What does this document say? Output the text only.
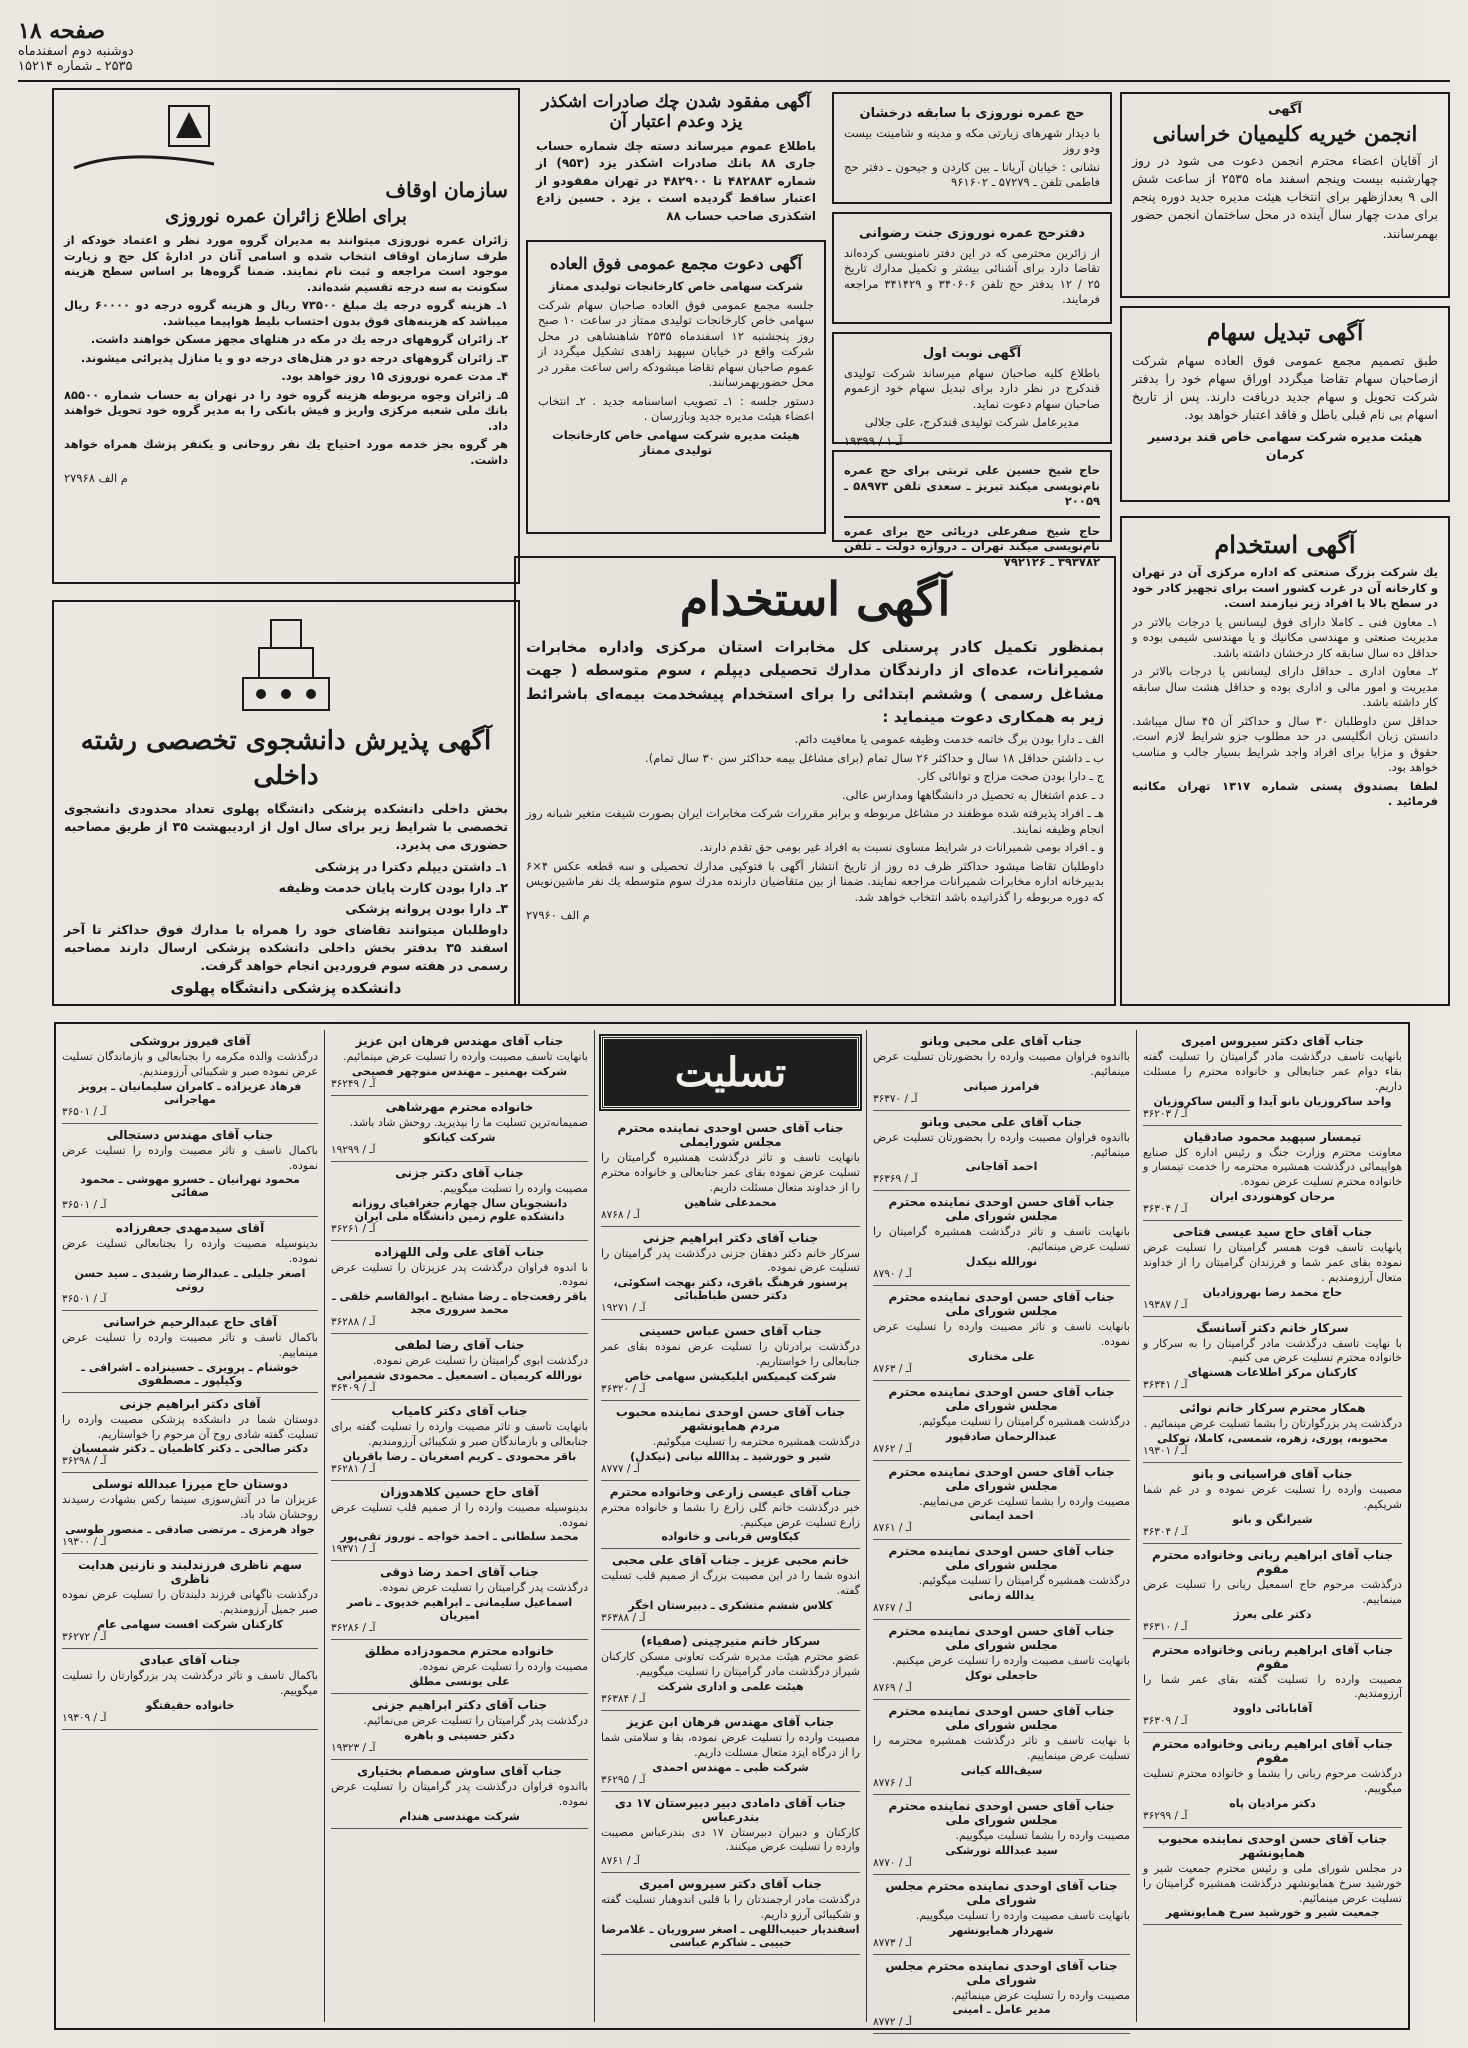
صفحه ۱۸
دوشنبه دوم اسفندماه
۲۵۳۵ ـ شماره ۱۵۲۱۴
آگهی
انجمن خیریه کلیمیان خراسانی

از آقایان اعضاء محترم انجمن دعوت می شود در روز چهارشنبه بیست وپنجم اسفند ماه ۲۵۳۵ از ساعت شش الی ۹ بعدازظهر برای انتخاب هیئت مدیره جدید دوره پنجم برای مدت چهار سال آینده در محل ساختمان انجمن حضور بهمرسانند.

آگهی تبدیل سهام

طبق تصمیم مجمع عمومی فوق العاده سهام شرکت ازصاحبان سهام تقاضا میگردد اوراق سهام خود را بدفتر شرکت تحویل و سهام جدید دریافت دارند. پس از تاریخ اسهام بی نام قبلی باطل و فاقد اعتبار خواهد بود.

هیئت مدیره شرکت سهامی خاص قند بردسیر کرمان

آگهی استخدام

یك شرکت بزرگ صنعتی که اداره مرکزی آن در تهران و کارخانه آن در غرب کشور است برای تجهیز کادر خود در سطح بالا با افراد زیر نیازمند است.

۱ـ معاون فنی ـ کاملا دارای فوق لیسانس یا درجات بالاتر در مدیریت صنعتی و مهندسی مکانیك و یا مهندسی شیمی بوده و حداقل ده سال سابقه کار درخشان داشته باشد.

۲ـ معاون اداری ـ حداقل دارای لیسانس یا درجات بالاتر در مدیریت و امور مالی و اداری بوده و حداقل هشت سال سابقه کار داشته باشد.

حداقل سن داوطلبان ۳۰ سال و حداکثر آن ۴۵ سال میباشد. دانستن زبان انگلیسی در حد مطلوب جزو شرایط لازم است. حقوق و مزایا برای افراد واجد شرایط بسیار جالب و مناسب خواهد بود.

لطفا بصندوق پستی شماره ۱۳۱۷ تهران مکاتبه فرمائید .

حج عمره نوروزی با سابقه درخشان

با دیدار شهرهای زیارتی مکه و مدینه و شامینت بیست ودو روز

نشانی : خیابان آریانا ـ بین کاردن و جیحون ـ دفتر حج فاطمی تلفن ـ ۵۷۲۷۹ ـ ۹۶۱۶۰۲

دفترحج عمره نوروزی جنت رضوانی

از زائرین محترمی که در این دفتر نامنویسی کرده‌اند تقاضا دارد برای آشنائی بیشتر و تکمیل مدارك تاریخ ۲۵ / ۱۲ بدفتر حج تلفن ۳۴۰۶۰۶ و ۳۴۱۴۲۹ مراجعه فرمایند.

آگهی نوبت اول

باطلاع کلیه صاحبان سهام میرساند شرکت تولیدی قندکرج در نظر دارد برای تبدیل سهام خود ازعموم صاحبان سهام دعوت نماید.

مدیرعامل شرکت تولیدی قندکرج، علی جلالی

۱۹۳۹۹ / آـ ۱

حاج شیخ حسین علی تربتی برای حج عمره نام‌نویسی میکند تبریز ـ سعدی تلفن ۵۸۹۷۳ ـ ۲۰۰۵۹

حاج شیخ صفرعلی دریائی حج برای عمره نام‌نویسی میکند تهران ـ دروازه دولت ـ تلفن ۳۹۳۷۸۲ ـ ۷۹۲۱۲۶

آگهی مفقود شدن چك صادرات اشکذر یزد وعدم اعتبار آن

باطلاع عموم میرساند دسته چك شماره حساب جاری ۸۸ بانك صادرات اشکذر یزد (۹۵۳) از شماره ۴۸۲۸۸۳ تا ۴۸۲۹۰۰ در تهران مفقودو از اعتبار ساقط گردیده است . یزد . حسین زادع اشکذری صاحب حساب ۸۸

آگهی دعوت مجمع عمومی فوق العاده

شرکت سهامی خاص کارخانجات تولیدی ممتاز

جلسه مجمع عمومی فوق العاده صاحبان سهام شرکت سهامی خاص کارخانجات تولیدی ممتاز در ساعت ۱۰ صبح روز پنجشنبه ۱۲ اسفندماه ۲۵۳۵ شاهنشاهی در محل شرکت واقع در خیابان سپهبد زاهدی تشکیل میگردد از عموم صاحبان سهام تقاضا میشودکه راس ساعت مقرر در محل حضوربهمرسانند.

دستور جلسه : ۱ـ تصویب اساسنامه جدید . ۲ـ انتخاب اعضاء هیئت مدیره جدید وبازرسان .

هیئت مدیره شرکت سهامی خاص کارخانجات تولیدی ممتاز

سازمان اوقاف
برای اطلاع زائران عمره نوروزی

زائران عمره نوروزی میتوانند به مدیران گروه مورد نظر و اعتماد خودکه از طرف سازمان اوقاف انتخاب شده و اسامی آنان در ادارهٔ کل حج و زیارت موجود است مراجعه و ثبت نام نمایند. ضمنا گروه‌ها بر اساس سطح هزینه سکونت به سه درجه تقسیم شده‌اند.

۱ـ هزینه گروه درجه یك مبلغ ۷۳۵۰۰ ریال و هزینه گروه درجه دو ۶۰۰۰۰ ریال میباشد که هزینه‌های فوق بدون احتساب بلیط هواپیما میباشد.

۲ـ زائران گروههای درجه یك در مکه در هتلهای مجهز مسکن خواهند داشت.

۳ـ زائران گروههای درجه دو در هتل‌های درجه دو و یا منازل پذیرائی میشوند.

۴ـ مدت عمره نوروزی ۱۵ روز خواهد بود.

۵ـ زائران وجوه مربوطه هزینه گروه خود را در تهران به حساب شماره ۸۵۵۰۰ بانك ملی شعبه مرکزی واریز و فیش بانکی را به مدیر گروه خود تحویل خواهند داد.

هر گروه بجز خدمه مورد احتیاج یك نفر روحانی و یکنفر پزشك همراه خواهد داشت.

م الف ۲۷۹۶۸

آگهی پذیرش دانشجوی تخصصی رشته داخلی

بخش داخلی دانشکده پزشکی دانشگاه پهلوی تعداد محدودی دانشجوی تخصصی با شرایط زیر برای سال اول از اردیبهشت ۳۵ از طریق مصاحبه حضوری می پذیرد.

۱ـ داشتن دیپلم دکترا در پزشکی

۲ـ دارا بودن کارت پایان خدمت وظیفه

۳ـ دارا بودن پروانه پزشکی

داوطلبان میتوانند تقاضای خود را همراه با مدارك فوق حداکثر تا آخر اسفند ۳۵ بدفتر بخش داخلی دانشکده پزشکی ارسال دارند مصاحبه رسمی در هفته سوم فروردین انجام خواهد گرفت.

دانشکده پزشکی دانشگاه پهلوی

آگهی استخدام
بمنظور تکمیل کادر پرسنلی کل مخابرات استان مرکزی واداره مخابرات شمیرانات، عده‌ای از دارندگان مدارك تحصیلی دیپلم ، سوم متوسطه ( جهت مشاغل رسمی ) وششم ابتدائی را برای استخدام پیشخدمت بیمه‌ای باشرائط زیر به همکاری دعوت مینماید :

الف ـ دارا بودن برگ خاتمه خدمت وظیفه عمومی یا معافیت دائم.

ب ـ داشتن حداقل ۱۸ سال و حداکثر ۲۶ سال تمام (برای مشاغل بیمه حداکثر سن ۳۰ سال تمام).

ج ـ دارا بودن صحت مزاج و توانائی کار.

د ـ عدم اشتغال به تحصیل در دانشگاهها ومدارس عالی.

هـ ـ افراد پذیرفته شده موظفند در مشاغل مربوطه و برابر مقررات شرکت مخابرات ایران بصورت شیفت متغیر شبانه روز انجام وظیفه نمایند.

و ـ افراد بومی شمیرانات در شرایط مساوی نسبت به افراد غیر بومی حق تقدم دارند.

داوطلبان تقاضا میشود حداکثر ظرف ده روز از تاریخ انتشار آگهی با فتوکپی مدارك تحصیلی و سه قطعه عکس ۴×۶ بدبیرخانه اداره مخابرات شمیرانات مراجعه نمایند. ضمنا از بین متقاضیان دارنده مدرك سوم متوسطه یك نفر ماشین‌نویس که دوره مربوطه را گذرانیده باشد انتخاب خواهد شد.

م الف ۲۷۹۶۰

جناب آقای دکتر سیروس امیری
بانهایت تاسف درگذشت مادر گرامیتان را تسلیت گفته بقاء دوام عمر جنابعالی و خانواده محترم را مسئلت داریم.
واحد ساکروزیان بانو آیدا و آلیس ساکروزیان
۳۶۲۰۳ / آـ
تیمسار سپهبد محمود صادقیان
معاونت محترم وزارت جنگ و رئیس اداره کل صنایع هواپیمائی درگذشت همشیره محترمه را خدمت تیمسار و خانواده محترم تسلیت عرض نموده.
مرجان کوهنوردی ایران
۳۶۳۰۴ / آـ
جناب آقای حاج سید عیسی فتاحی
پانهایت تاسف فوت همسر گرامیتان را تسلیت عرض نموده بقای عمر شما و فرزندان گرامیتان را از خداوند متعال آرزومندیم .
حاج محمد رضا بهروزادیان
۱۹۳۸۷ / آـ
سرکار خانم دکتر آسانسگ
با نهایت تاسف درگذشت مادر گرامیتان را به سرکار و خانواده محترم تسلیت عرض می کنیم.
کارکنان مرکز اطلاعات هستهای
۳۶۳۴۱ / آـ
همکار محترم سرکار خانم نوائی
درگذشت پدر بزرگوارتان را بشما تسلیت عرض مینمائیم .
محبوبه، پوری، زهره، شمسی، کاملا، توکلی
۱۹۳۰۱ / آـ
جناب آقای فراسیانی و بانو
مصیبت وارده را تسلیت عرض نموده و در غم شما شریکیم.
شیرانگن و بانو
۳۶۳۰۴ / آـ
جناب آقای ابراهیم ربانی وخانواده محترم مقوم
درگذشت مرحوم حاج اسمعیل ربانی را تسلیت عرض مینماییم.
دکتر علی بعرژ
۳۶۳۱۰ / آـ
جناب آقای ابراهیم ربانی وخانواده محترم مقوم
مصیبت وارده را تسلیت گفته بقای عمر شما را آرزومندیم.
آقابابائی داوود
۳۶۳۰۹ / آـ
جناب آقای ابراهیم ربانی وخانواده محترم مقوم
درگذشت مرحوم ربانی را بشما و خانواده محترم تسلیت میگوییم.
دکتر مرادیان پاه
۳۶۲۹۹ / آـ
جناب آقای حسن اوحدی نماینده محبوب همایونشهر
در مجلس شورای ملی و رئیس محترم جمعیت شیر و خورشید سرخ همایونشهر درگذشت همشیره گرامیتان را تسلیت عرض مینمائیم.
جمعیت شیر و خورشید سرخ همایونشهر
جناب آقای علی محبی وبانو
بااندوه فراوان مصیبت وارده را بحضورتان تسلیت عرض مینمائیم.
فرامرز صیانی
۳۶۳۷۰ / آـ
جناب آقای علی محبی وبانو
بااندوه فراوان مصیبت وارده را بحضورتان تسلیت عرض مینمائیم.
احمد آقاجانی
۳۶۳۶۹ / آـ
جناب آقای حسن اوحدی نماینده محترم مجلس شورای ملی
بانهایت تاسف و تاثر درگذشت همشیره گرامیتان را تسلیت عرض مینمائیم.
نورالله نیکدل
۸۷۹۰ / آـ
جناب آقای حسن اوحدی نماینده محترم مجلس شورای ملی
بانهایت تاسف و تاثر مصیبت وارده را تسلیت عرض نموده.
علی مختاری
۸۷۶۳ / آـ
جناب آقای حسن اوحدی نماینده محترم مجلس شورای ملی
درگذشت همشیره گرامیتان را تسلیت میگوئیم.
عبدالرحمان صادقپور
۸۷۶۲ / آـ
جناب آقای حسن اوحدی نماینده محترم مجلس شورای ملی
مصیبت وارده را بشما تسلیت عرض می‌نماییم.
احمد ایمانی
۸۷۶۱ / آـ
جناب آقای حسن اوحدی نماینده محترم مجلس شورای ملی
درگذشت همشیره گرامیتان را تسلیت میگوئیم.
یدالله زمانی
۸۷۶۷ / آـ
جناب آقای حسن اوحدی نماینده محترم مجلس شورای ملی
بانهایت تاسف مصیبت وارده را تسلیت عرض میکنیم.
حاجعلی توکل
۸۷۶۹ / آـ
جناب آقای حسن اوحدی نماینده محترم مجلس شورای ملی
با نهایت تاسف و تاثر درگذشت همشیره محترمه را تسلیت عرض مینماییم.
سیف‌الله کیانی
۸۷۷۶ / آـ
جناب آقای حسن اوحدی نماینده محترم مجلس شورای ملی
مصیبت وارده را بشما تسلیت میگوییم.
سید عبدالله تورشکی
۸۷۷۰ / آـ
جناب آقای اوحدی نماینده محترم مجلس شورای ملی
بانهایت تاسف مصیبت وارده را تسلیت میگوییم.
شهردار همایونشهر
۸۷۷۳ / آـ
جناب آقای اوحدی نماینده محترم مجلس شورای ملی
مصیبت وارده را تسلیت عرض مینمائیم.
مدیر عامل ـ امینی
۸۷۷۲ / آـ
تسلیت
جناب آقای حسن اوحدی نماینده محترم مجلس شورایملی
بانهایت تاسف و تاثر درگذشت همشیره گرامیتان را تسلیت عرض نموده بقای عمر جنابعالی و خانواده محترم را از خداوند متعال مسئلت داریم.
محمدعلی شاهین
۸۷۶۸ / آـ
جناب آقای دکتر ابراهیم جزنی
سرکار خانم دکتر دهقان جزنی درگذشت پدر گرامیتان را تسلیت عرض نموده.
پرسنور فرهنگ باقری، دکتر بهجت اسکوئی، دکتر حسن طباطبائی
۱۹۲۷۱ / آـ
جناب آقای حسن عباس حسینی
درگذشت برادرتان را تسلیت عرض نموده بقای عمر جنابعالی را خواستاریم.
شرکت کیمیکس ایلیکیشن سهامی خاص
۳۶۳۲۰ / آـ
جناب آقای حسن اوحدی نماینده محبوب مردم همایونشهر
درگذشت همشیره محترمه را تسلیت میگوئیم.
شیر و خورشید ـ یداالله نیانی (نیکدل)
۸۷۷۷ / آـ
جناب آقای عیسی زارعی وخانواده محترم
خبر درگذشت خانم گلی زارع را بشما و خانواده محترم زارع تسلیت عرض میکنیم.
کیکاوس قربانی و خانواده
خانم محبی عزیز ـ جناب آقای علی محبی
اندوه شما را در این مصیبت بزرگ از صمیم قلب تسلیت گفته.
کلاس ششم متشکری ـ دبیرستان اخگر
۳۶۳۸۸ / آـ
سرکار خانم منیرچینی (صفیاء)
عضو محترم هیئت مدیره شرکت تعاونی مسکن کارکنان شیراز درگذشت مادر گرامیتان را تسلیت میگوییم.
هیئت علمی و اداری شرکت
۳۶۳۸۴ / آـ
جناب آقای مهندس فرهان ابن عزیز
مصیبت وارده را تسلیت عرض نموده، بقا و سلامتی شما را از درگاه ایزد متعال مسئلت داریم.
شرکت ظبی ـ مهندس احمدی
۳۶۲۹۵ / آـ
جناب آقای دامادی دبیر دبیرستان ۱۷ دی بندرعباس
کارکنان و دبیران دبیرستان ۱۷ دی بندرعباس مصیبت وارده را تسلیت عرض میکنند.
۸۷۶۱ / آـ
جناب آقای دکتر سیروس امیری
درگذشت مادر ارجمندتان را با قلبی اندوهبار تسلیت گفته و شکیبائی آرزو داریم.
اسفندیار حبیب‌اللهی ـ اصغر سروریان ـ غلامرضا حبیبی ـ شاکرم عباسی
جناب آقای مهندس فرهان ابن عزیز
بانهایت تاسف مصیبت وارده را تسلیت عرض مینمائیم.
شرکت بهمنیر ـ مهندس منوچهر فصیحی
۳۶۲۴۹ / آـ
خانواده محترم مهرشاهی
صمیمانه‌ترین تسلیت ما را بپذیرید. روحش شاد باشد.
شرکت کیانکو
۱۹۲۹۹ / آـ
جناب آقای دکتر جزنی
مصیبت وارده را تسلیت میگوییم.
دانشجویان سال چهارم جغرافیای روزانه دانشکده علوم زمین دانشگاه ملی ایران
۳۶۲۶۱ / آـ
جناب آقای علی ولی اللهزاده
با اندوه فراوان درگذشت پدر عزیزتان را تسلیت عرض نموده.
باقر رفعت‌جاه ـ رضا مشایخ ـ ابوالقاسم خلقی ـ محمد سروری مجد
۳۶۲۸۸ / آـ
جناب آقای رضا لطفی
درگذشت ابوی گرامیتان را تسلیت عرض نموده.
نورالله کریمیان ـ اسمعیل ـ محمودی شمیرانی
۳۶۴۰۹ / آـ
جناب آقای دکتر کامیاب
بانهایت تاسف و تاثر مصیبت وارده را تسلیت گفته برای جنابعالی و بازماندگان صبر و شکیبائی آرزومندیم.
باقر محمودی ـ کریم اصغریان ـ رضا باقریان
۳۶۲۸۱ / آـ
آقای حاج حسین کلاهدوزان
بدینوسیله مصیبت وارده را از صمیم قلب تسلیت عرض نموده.
محمد سلطانی ـ احمد خواجه ـ نوروز تقی‌پور
۱۹۳۷۱ / آـ
جناب آقای احمد رضا ذوقی
درگذشت پدر گرامیتان را تسلیت عرض نموده.
اسماعیل سلیمانی ـ ابراهیم خدیوی ـ ناصر امیریان
۳۶۲۸۶ / آـ
خانواده محترم محمودزاده مطلق
مصیبت وارده را تسلیت عرض نموده.
علی یونسی مطلق
جناب آقای دکتر ابراهیم جزنی
درگذشت پدر گرامیتان را تسلیت عرض می‌نمائیم.
دکتر حسینی و باهره
۱۹۳۲۳ / آـ
جناب آقای ساوش صمصام بختیاری
بااندوه فراوان درگذشت پدر گرامیتان را تسلیت عرض نموده.
شرکت مهندسی هندام
آقای فیروز بروشکی
درگذشت والده مکرمه را بجنابعالی و بازماندگان تسلیت عرض نموده صبر و شکیبائی آرزومندیم.
فرهاد عزیزاده ـ کامران سلیمانیان ـ پرویز مهاجرانی
۳۶۵۰۱ / آـ
جناب آقای مهندس دستجالی
باکمال تاسف و تاثر مصیبت وارده را تسلیت عرض نموده.
محمود تهرانیان ـ خسرو مهوشی ـ محمود صفائی
۳۶۵۰۱ / آـ
آقای سیدمهدی جعفرزاده
بدینوسیله مصیبت وارده را بجنابعالی تسلیت عرض نموده.
اصغر جلیلی ـ عبدالرضا رشیدی ـ سید حسن روتی
۳۶۵۰۱ / آـ
آقای حاج عبدالرحیم خراسانی
باکمال تاسف و تاثر مصیبت وارده را تسلیت عرض مینماییم.
خوشنام ـ پرویزی ـ حسینزاده ـ اشرافی ـ وکیلپور ـ مصطفوی
آقای دکتر ابراهیم جزنی
دوستان شما در دانشکده پزشکی مصیبت وارده را تسلیت گفته شادی روح آن مرحوم را خواستاریم.
دکتر صالحی ـ دکتر کاظمیان ـ دکتر شمسیان
۳۶۲۹۸ / آـ
دوستان حاج میرزا عبدالله توسلی
عزیزان ما در آتش‌سوزی سینما رکس بشهادت رسیدند روحشان شاد باد.
جواد هرمزی ـ مرتضی صادقی ـ منصور طوسی
۱۹۳۰۰ / آـ
سهم ناظری فرزندلبند و نازنین هدایت ناظری
درگذشت ناگهانی فرزند دلبندتان را تسلیت عرض نموده صبر جمیل آرزومندیم.
کارکنان شرکت افست سهامی عام
۳۶۲۷۲ / آـ
جناب آقای عبادی
باکمال تاسف و تاثر درگذشت پدر بزرگوارتان را تسلیت میگوییم.
خانواده حقیقتگو
۱۹۳۰۹ / آـ
